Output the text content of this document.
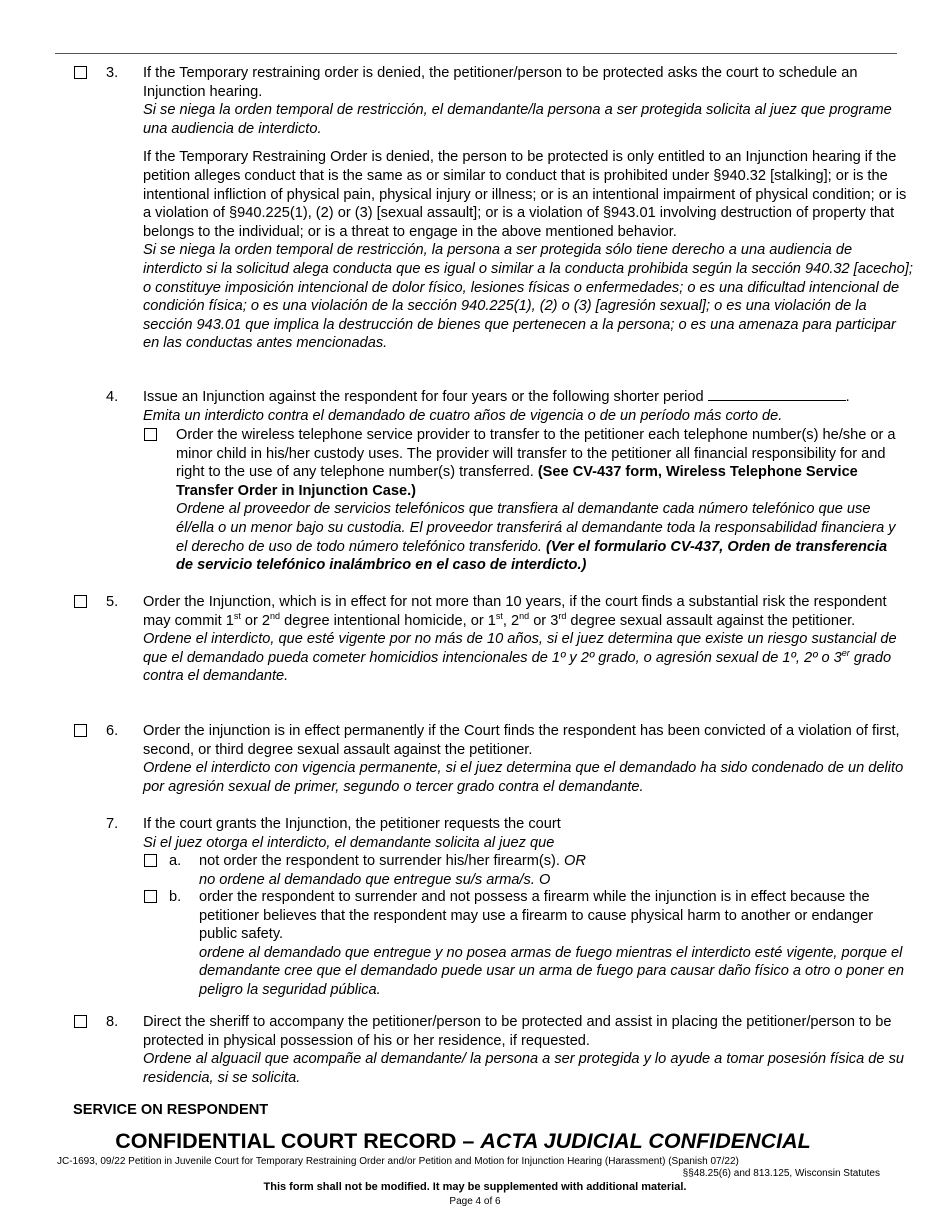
3. If the Temporary restraining order is denied, the petitioner/person to be protected asks the court to schedule an Injunction hearing.
Si se niega la orden temporal de restricción, el demandante/la persona a ser protegida solicita al juez que programe una audiencia de interdicto.
If the Temporary Restraining Order is denied, the person to be protected is only entitled to an Injunction hearing if the petition alleges conduct that is the same as or similar to conduct that is prohibited under §940.32 [stalking]; or is the intentional infliction of physical pain, physical injury or illness; or is an intentional impairment of physical condition; or is a violation of §940.225(1), (2) or (3) [sexual assault]; or is a violation of §943.01 involving destruction of property that belongs to the individual; or is a threat to engage in the above mentioned behavior.
Si se niega la orden temporal de restricción, la persona a ser protegida sólo tiene derecho a una audiencia de interdicto si la solicitud alega conducta que es igual o similar a la conducta prohibida según la sección 940.32 [acecho]; o constituye imposición intencional de dolor físico, lesiones físicas o enfermedades; o es una dificultad intencional de condición física; o es una violación de la sección 940.225(1), (2) o (3) [agresión sexual]; o es una violación de la sección 943.01 que implica la destrucción de bienes que pertenecen a la persona; o es una amenaza para participar en las conductas antes mencionadas.
4. Issue an Injunction against the respondent for four years or the following shorter period	.
Emita un interdicto contra el demandado de cuatro años de vigencia o de un período más corto de.
Order the wireless telephone service provider to transfer to the petitioner each telephone number(s) he/she or a minor child in his/her custody uses. The provider will transfer to the petitioner all financial responsibility for and right to the use of any telephone number(s) transferred. (See CV-437 form, Wireless Telephone Service Transfer Order in Injunction Case.)
Ordene al proveedor de servicios telefónicos que transfiera al demandante cada número telefónico que use él/ella o un menor bajo su custodia. El proveedor transferirá al demandante toda la responsabilidad financiera y el derecho de uso de todo número telefónico transferido. (Ver el formulario CV-437, Orden de transferencia de servicio telefónico inalámbrico en el caso de interdicto.)
5. Order the Injunction, which is in effect for not more than 10 years, if the court finds a substantial risk the respondent may commit 1st or 2nd degree intentional homicide, or 1st, 2nd or 3rd degree sexual assault against the petitioner.
Ordene el interdicto, que esté vigente por no más de 10 años, si el juez determina que existe un riesgo sustancial de que el demandado pueda cometer homicidios intencionales de 1º y 2º grado, o agresión sexual de 1º, 2º o 3er grado contra el demandante.
6. Order the injunction is in effect permanently if the Court finds the respondent has been convicted of a violation of first, second, or third degree sexual assault against the petitioner.
Ordene el interdicto con vigencia permanente, si el juez determina que el demandado ha sido condenado de un delito por agresión sexual de primer, segundo o tercer grado contra el demandante.
7. If the court grants the Injunction, the petitioner requests the court
Si el juez otorga el interdicto, el demandante solicita al juez que
a. not order the respondent to surrender his/her firearm(s). OR
no ordene al demandado que entregue su/s arma/s. O
b. order the respondent to surrender and not possess a firearm while the injunction is in effect because the petitioner believes that the respondent may use a firearm to cause physical harm to another or endanger public safety.
ordene al demandado que entregue y no posea armas de fuego mientras el interdicto esté vigente, porque el demandante cree que el demandado puede usar un arma de fuego para causar daño físico a otro o poner en peligro la seguridad pública.
8. Direct the sheriff to accompany the petitioner/person to be protected and assist in placing the petitioner/person to be protected in physical possession of his or her residence, if requested.
Ordene al alguacil que acompañe al demandante/ la persona a ser protegida y lo ayude a tomar posesión física de su residencia, si se solicita.
SERVICE ON RESPONDENT
CONFIDENTIAL COURT RECORD – ACTA JUDICIAL CONFIDENCIAL
JC-1693, 09/22 Petition in Juvenile Court for Temporary Restraining Order and/or Petition and Motion for Injunction Hearing (Harassment) (Spanish 07/22)
§§48.25(6) and 813.125, Wisconsin Statutes
This form shall not be modified. It may be supplemented with additional material.
Page 4 of 6
